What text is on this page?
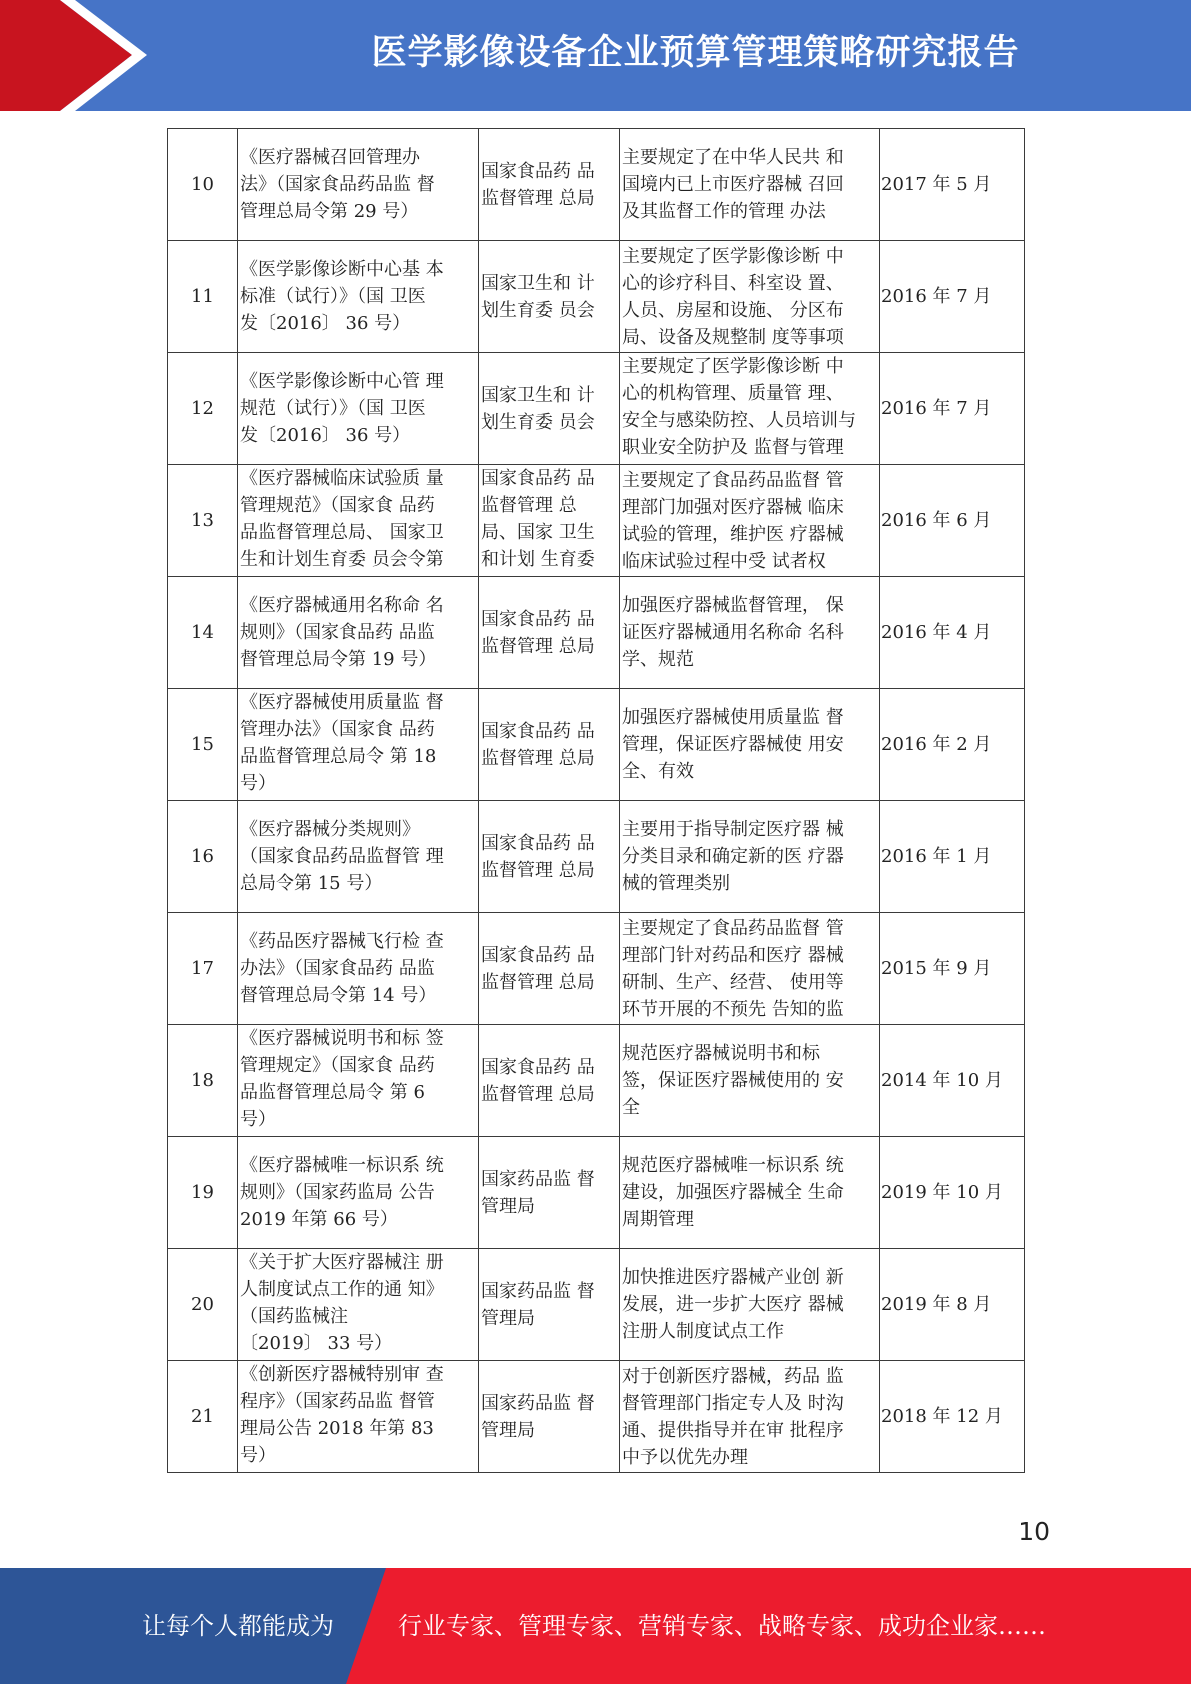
医学影像设备企业预算管理策略研究报告
10	《医疗器械召回管理办
法》（国家食品药品监 督
管理总局令第 29 号）	国家食品药 品
监督管理 总局	主要规定了在中华人民共 和
国境内已上市医疗器械 召回
及其监督工作的管理 办法	2017 年 5 月

11	《医学影像诊断中心基 本
标准（试行）》（国 卫医
发〔2016〕 36 号）	国家卫生和 计
划生育委 员会	主要规定了医学影像诊断 中
心的诊疗科目、科室设 置、
人员、房屋和设施、 分区布
局、设备及规整制 度等事项	2016 年 7 月

12	《医学影像诊断中心管 理
规范（试行）》（国 卫医
发〔2016〕 36 号）	国家卫生和 计
划生育委 员会	主要规定了医学影像诊断 中
心的机构管理、质量管 理、
安全与感染防控、人员培训与
职业安全防护及 监督与管理	2016 年 7 月

13	《医疗器械临床试验质 量
管理规范》（国家食 品药
品监督管理总局、 国家卫
生和计划生育委 员会令第	国家食品药 品
监督管理 总
局、国家 卫生
和计划 生育委	主要规定了食品药品监督 管
理部门加强对医疗器械 临床
试验的管理，维护医 疗器械
临床试验过程中受 试者权	2016 年 6 月

14	《医疗器械通用名称命 名
规则》（国家食品药 品监
督管理总局令第 19 号）	国家食品药 品
监督管理 总局	加强医疗器械监督管理， 保
证医疗器械通用名称命 名科
学、规范	2016 年 4 月

15	《医疗器械使用质量监 督
管理办法》（国家食 品药
品监督管理总局令 第 18
号）	国家食品药 品
监督管理 总局	加强医疗器械使用质量监 督
管理，保证医疗器械使 用安
全、有效	2016 年 2 月

16	《医疗器械分类规则》
（国家食品药品监督管 理
总局令第 15 号）	国家食品药 品
监督管理 总局	主要用于指导制定医疗器 械
分类目录和确定新的医 疗器
械的管理类别	2016 年 1 月

17	《药品医疗器械飞行检 查
办法》（国家食品药 品监
督管理总局令第 14 号）	国家食品药 品
监督管理 总局	主要规定了食品药品监督 管
理部门针对药品和医疗 器械
研制、生产、经营、 使用等
环节开展的不预先 告知的监	2015 年 9 月

18	《医疗器械说明书和标 签
管理规定》（国家食 品药
品监督管理总局令 第 6
号）	国家食品药 品
监督管理 总局	规范医疗器械说明书和标
签，保证医疗器械使用的 安
全	2014 年 10 月

19	《医疗器械唯一标识系 统
规则》（国家药监局 公告
2019 年第 66 号）	国家药品监 督
管理局	规范医疗器械唯一标识系 统
建设，加强医疗器械全 生命
周期管理	2019 年 10 月

20	《关于扩大医疗器械注 册
人制度试点工作的通 知》
（国药监械注
〔2019〕 33 号）	国家药品监 督
管理局	加快推进医疗器械产业创 新
发展，进一步扩大医疗 器械
注册人制度试点工作	2019 年 8 月

21	《创新医疗器械特别审 查
程序》（国家药品监 督管
理局公告 2018 年第 83
号）	国家药品监 督
管理局	对于创新医疗器械，药品 监
督管理部门指定专人及 时沟
通、提供指导并在审 批程序
中予以优先办理	2018 年 12 月
10
让每个人都能成为	行业专家、管理专家、营销专家、战略专家、成功企业家……
